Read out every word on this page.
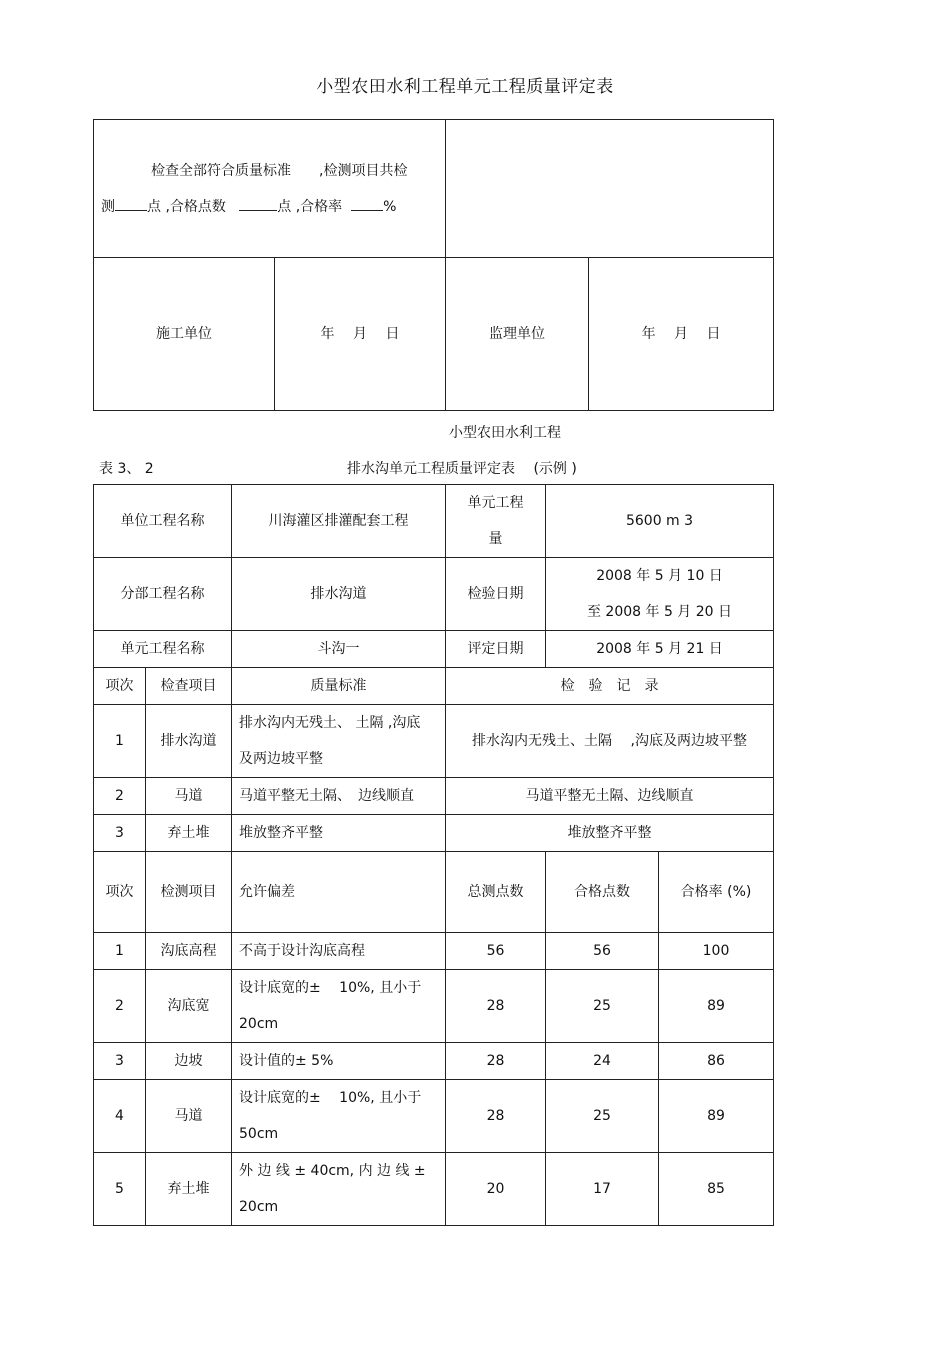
小型农田水利工程单元工程质量评定表
检查全部符合质量标准　　,检测项目共检
测 点 ,合格点数 点 ,合格率 %			

施工单位	年　 月　 日	监理单位	年　 月　 日
小型农田水利工程
表 3、 2	排水沟单元工程质量评定表　 (示例 )
单位工程名称		川海灌区排灌配套工程	单元工程
量	5600 m 3	
分部工程名称		排水沟道	检验日期	2008 年 5 月 10 日
至 2008 年 5 月 20 日	

单元工程名称		斗沟一	评定日期	2008 年 5 月 21 日	
项次	检查项目	质量标准	检　验　记　录		
1	排水沟道	排水沟内无残土、 土隔 ,沟底
及两边坡平整	排水沟内无残土、土隔　 ,沟底及两边坡平整		
2	马道	马道平整无土隔、　边线顺直	马道平整无土隔、边线顺直		
3	弃土堆	堆放整齐平整	堆放整齐平整		
项次	检测项目	允许偏差	总测点数	合格点数	合格率 (%)
1	沟底高程	不高于设计沟底高程	56	56	100
2	沟底宽	设计底宽的±　 10%, 且小于
20cm	28	25	89
3	边坡	设计值的± 5%	28	24	86
4	马道	设计底宽的±　 10%, 且小于
50cm	28	25	89
5	弃土堆	外 边 线 ± 40cm, 内 边 线 ±
20cm	20	17	85
